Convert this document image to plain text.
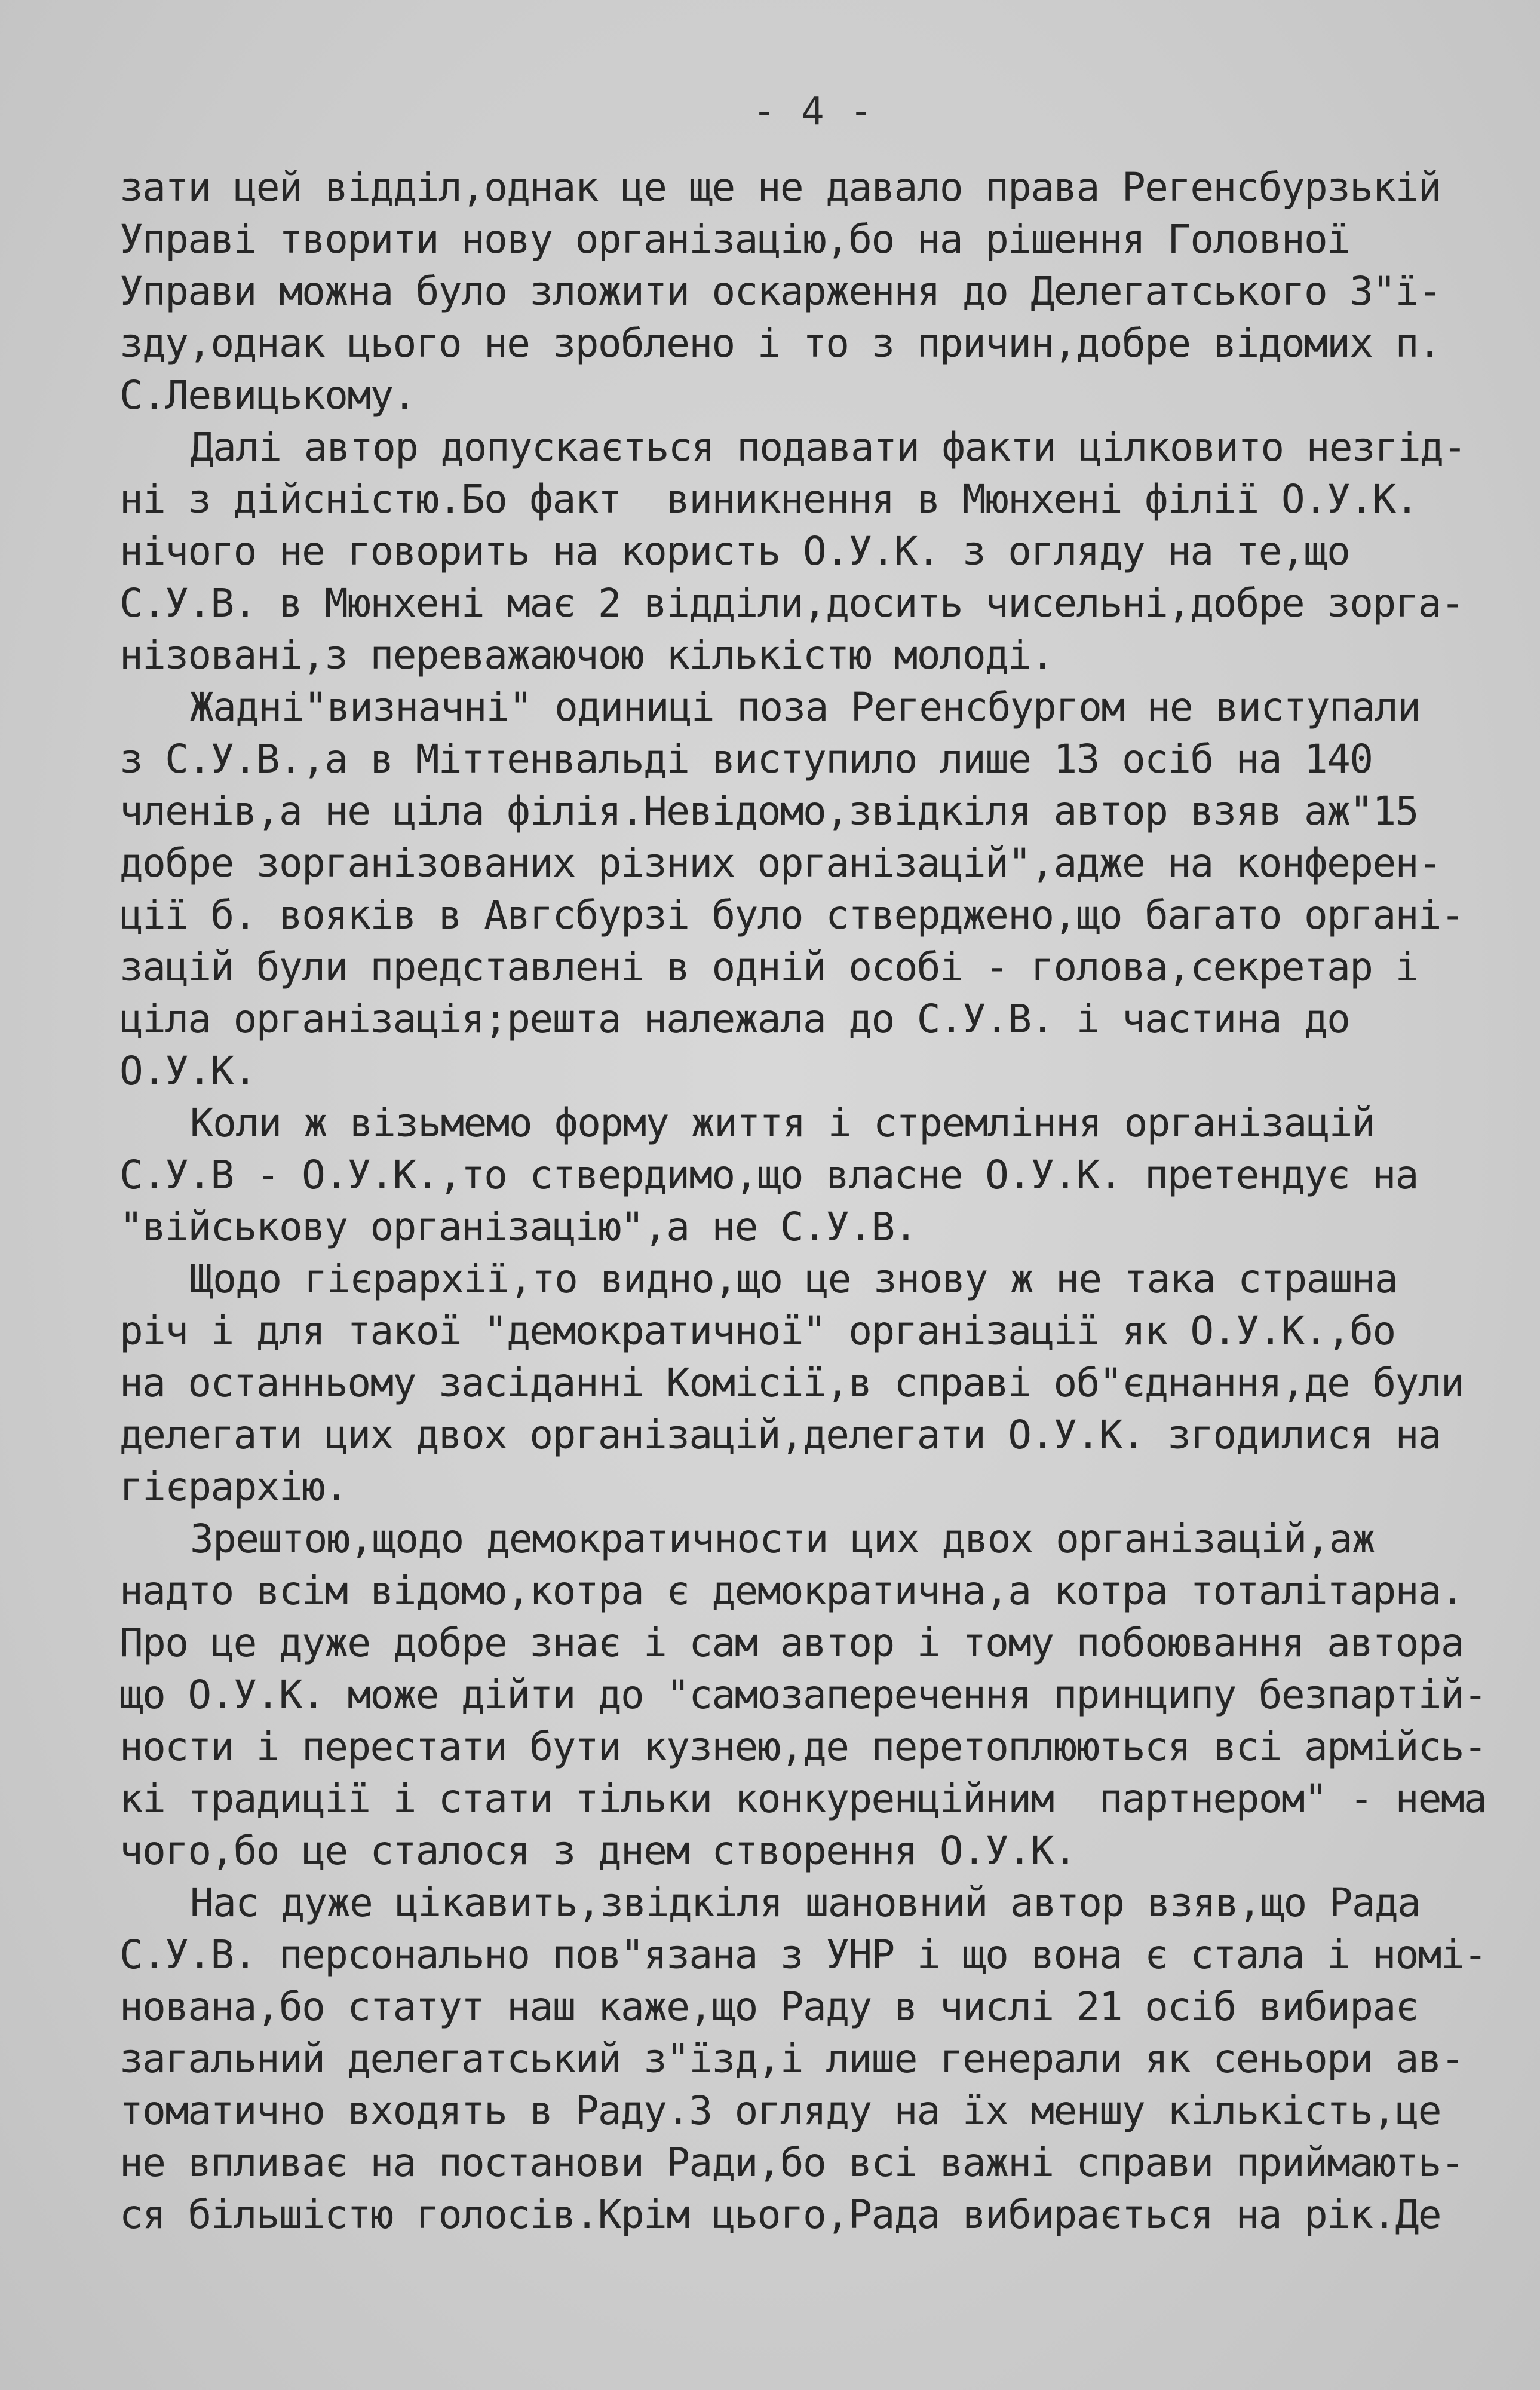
- 4 -
зати цей відділ,однак це ще не давало права Регенсбурзькій
Управі творити нову організацію,бо на рішення Головної
Управи можна було зложити оскарження до Делегатського З"ї-
зду,однак цього не зроблено і то з причин,добре відомих п.
С.Левицькому.
Далі автор допускається подавати факти цілковито незгід-
ні з дійсністю.Бо факт  виникнення в Мюнхені філії О.У.К.
нічого не говорить на користь О.У.К. з огляду на те,що
С.У.В. в Мюнхені має 2 відділи,досить чисельні,добре зорга-
нізовані,з переважаючою кількістю молоді.
Жадні"визначні" одиниці поза Регенсбургом не виступали
з С.У.В.,а в Міттенвальді виступило лише 13 осіб на 140
членів,а не ціла філія.Невідомо,звідкіля автор взяв аж"15
добре зорганізованих різних організацій",адже на конферен-
ції б. вояків в Авгсбурзі було стверджено,що багато органі-
зацій були представлені в одній особі - голова,секретар і
ціла організація;решта належала до С.У.В. і частина до
О.У.К.
Коли ж візьмемо форму життя і стремління організацій
С.У.В - О.У.К.,то ствердимо,що власне О.У.К. претендує на
"військову організацію",а не С.У.В.
Щодо гієрархії,то видно,що це знову ж не така страшна
річ і для такої "демократичної" організації як О.У.К.,бо
на останньому засіданні Комісії,в справі об"єднання,де були
делегати цих двох організацій,делегати О.У.К. згодилися на
гієрархію.
Зрештою,щодо демократичности цих двох організацій,аж
надто всім відомо,котра є демократична,а котра тоталітарна.
Про це дуже добре знає і сам автор і тому побоювання автора
що О.У.К. може дійти до "самозаперечення принципу безпартій-
ности і перестати бути кузнею,де перетоплюються всі армійсь-
кі традиції і стати тільки конкуренційним  партнером" - нема
чого,бо це сталося з днем створення О.У.К.
Нас дуже цікавить,звідкіля шановний автор взяв,що Рада
С.У.В. персонально пов"язана з УНР і що вона є стала і номі-
нована,бо статут наш каже,що Раду в числі 21 осіб вибирає
загальний делегатський з"їзд,і лише генерали як сеньори ав-
томатично входять в Раду.З огляду на їх меншу кількість,це
не впливає на постанови Ради,бо всі важні справи приймають-
ся більшістю голосів.Крім цього,Рада вибирається на рік.Де
